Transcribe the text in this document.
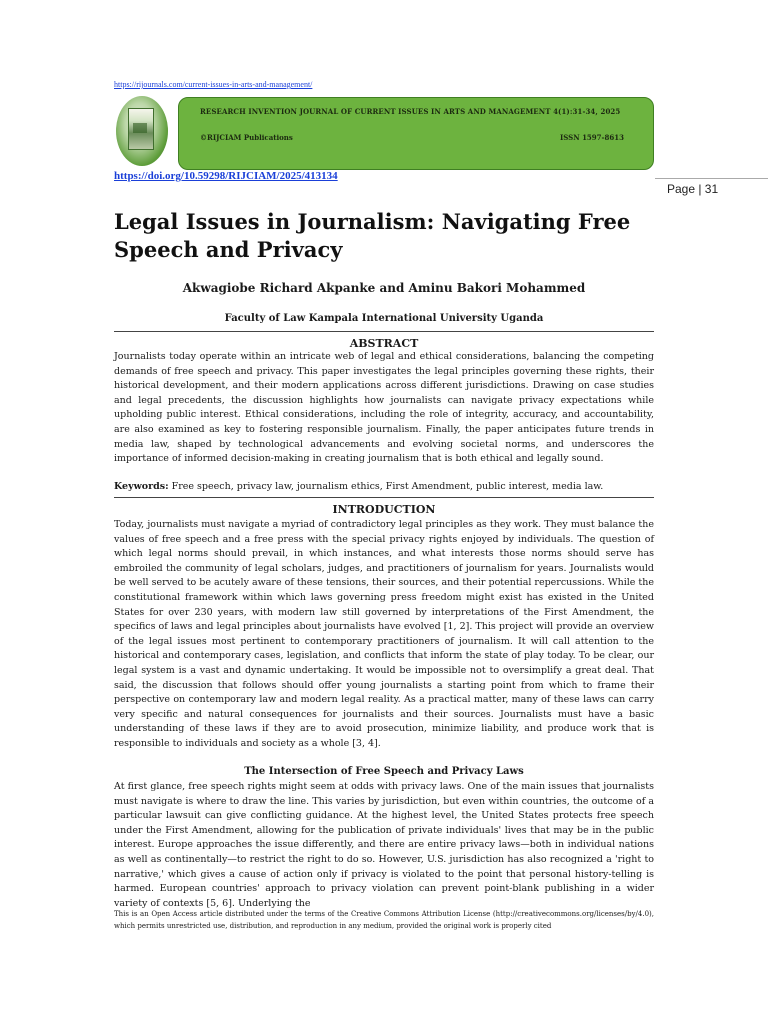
https://rijournals.com/current-issues-in-arts-and-management/
RESEARCH INVENTION JOURNAL OF CURRENT ISSUES IN ARTS AND MANAGEMENT 4(1):31-34, 2025
©RIJCIAM Publications	ISSN 1597-8613
https://doi.org/10.59298/RIJCIAM/2025/413134
Page | 31
Legal Issues in Journalism: Navigating Free Speech and Privacy
Akwagiobe Richard Akpanke and Aminu Bakori Mohammed
Faculty of Law Kampala International University Uganda
ABSTRACT

Journalists today operate within an intricate web of legal and ethical considerations, balancing the competing demands of free speech and privacy. This paper investigates the legal principles governing these rights, their historical development, and their modern applications across different jurisdictions. Drawing on case studies and legal precedents, the discussion highlights how journalists can navigate privacy expectations while upholding public interest. Ethical considerations, including the role of integrity, accuracy, and accountability, are also examined as key to fostering responsible journalism. Finally, the paper anticipates future trends in media law, shaped by technological advancements and evolving societal norms, and underscores the importance of informed decision-making in creating journalism that is both ethical and legally sound.

Keywords: Free speech, privacy law, journalism ethics, First Amendment, public interest, media law.
INTRODUCTION

Today, journalists must navigate a myriad of contradictory legal principles as they work. They must balance the values of free speech and a free press with the special privacy rights enjoyed by individuals. The question of which legal norms should prevail, in which instances, and what interests those norms should serve has embroiled the community of legal scholars, judges, and practitioners of journalism for years. Journalists would be well served to be acutely aware of these tensions, their sources, and their potential repercussions. While the constitutional framework within which laws governing press freedom might exist has existed in the United States for over 230 years, with modern law still governed by interpretations of the First Amendment, the specifics of laws and legal principles about journalists have evolved [1, 2]. This project will provide an overview of the legal issues most pertinent to contemporary practitioners of journalism. It will call attention to the historical and contemporary cases, legislation, and conflicts that inform the state of play today. To be clear, our legal system is a vast and dynamic undertaking. It would be impossible not to oversimplify a great deal. That said, the discussion that follows should offer young journalists a starting point from which to frame their perspective on contemporary law and modern legal reality. As a practical matter, many of these laws can carry very specific and natural consequences for journalists and their sources. Journalists must have a basic understanding of these laws if they are to avoid prosecution, minimize liability, and produce work that is responsible to individuals and society as a whole [3, 4].

The Intersection of Free Speech and Privacy Laws

At first glance, free speech rights might seem at odds with privacy laws. One of the main issues that journalists must navigate is where to draw the line. This varies by jurisdiction, but even within countries, the outcome of a particular lawsuit can give conflicting guidance. At the highest level, the United States protects free speech under the First Amendment, allowing for the publication of private individuals' lives that may be in the public interest. Europe approaches the issue differently, and there are entire privacy laws—both in individual nations as well as continentally—to restrict the right to do so. However, U.S. jurisdiction has also recognized a 'right to narrative,' which gives a cause of action only if privacy is violated to the point that personal history-telling is harmed. European countries' approach to privacy violation can prevent point-blank publishing in a wider variety of contexts [5, 6]. Underlying the

This is an Open Access article distributed under the terms of the Creative Commons Attribution License (http://creativecommons.org/licenses/by/4.0), which permits unrestricted use, distribution, and reproduction in any medium, provided the original work is properly cited
